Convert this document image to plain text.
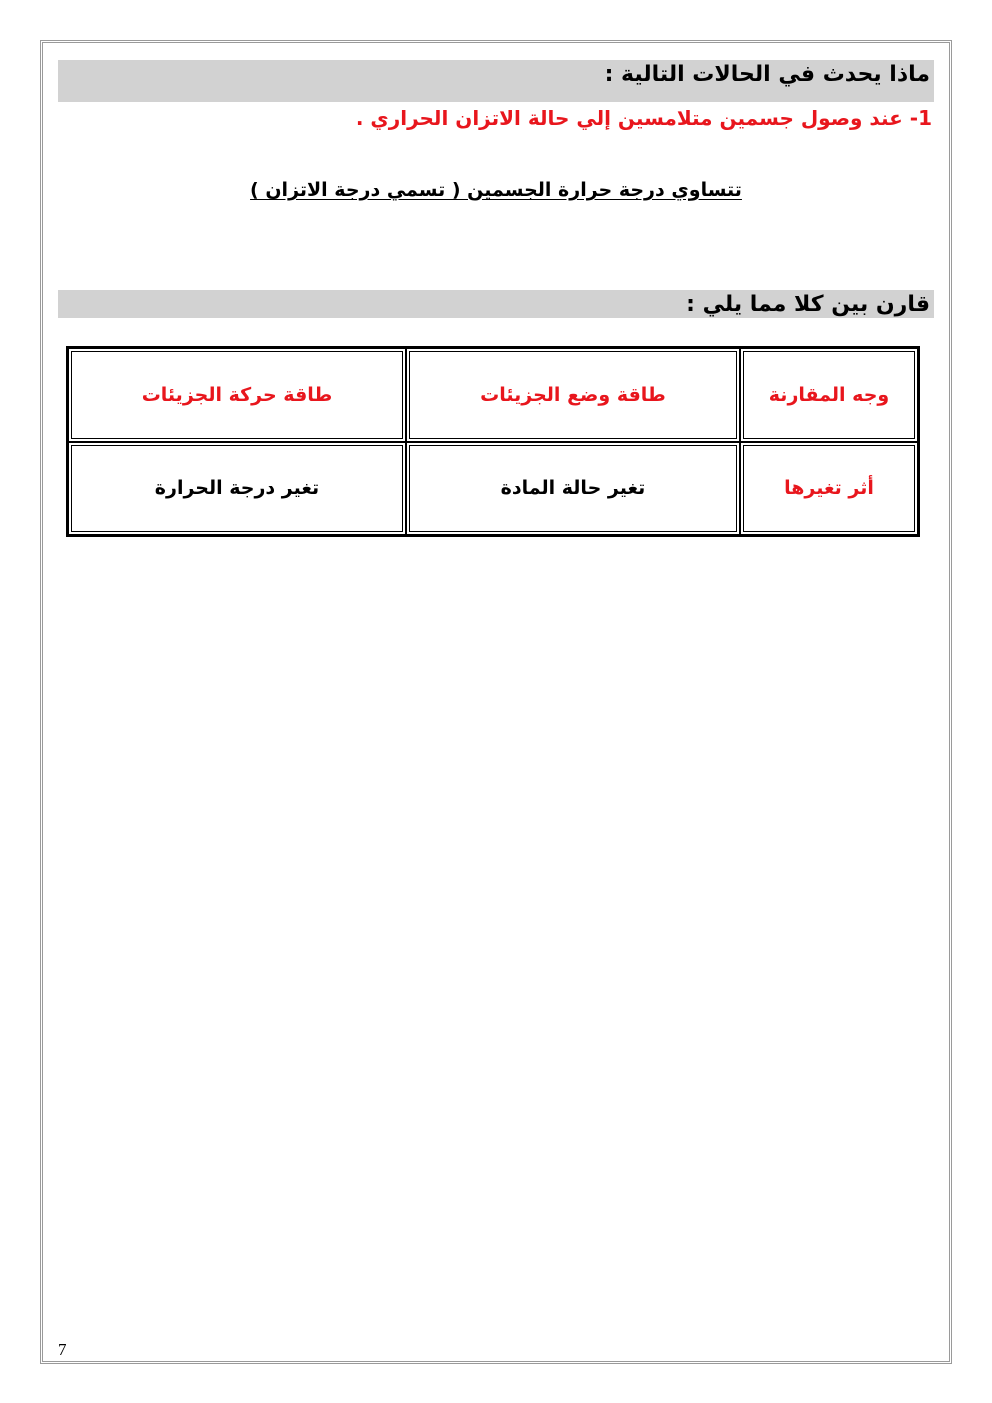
ماذا يحدث في الحالات التالية :
1- عند وصول جسمين متلامسين إلي حالة الاتزان الحراري .
تتساوي درجة حرارة الجسمين ( تسمي درجة الاتزان )
قارن بين كلا مما يلي :
وجه المقارنة	طاقة وضع الجزيئات	طاقة حركة الجزيئات
أثر تغيرها	تغير حالة المادة	تغير درجة الحرارة
7
